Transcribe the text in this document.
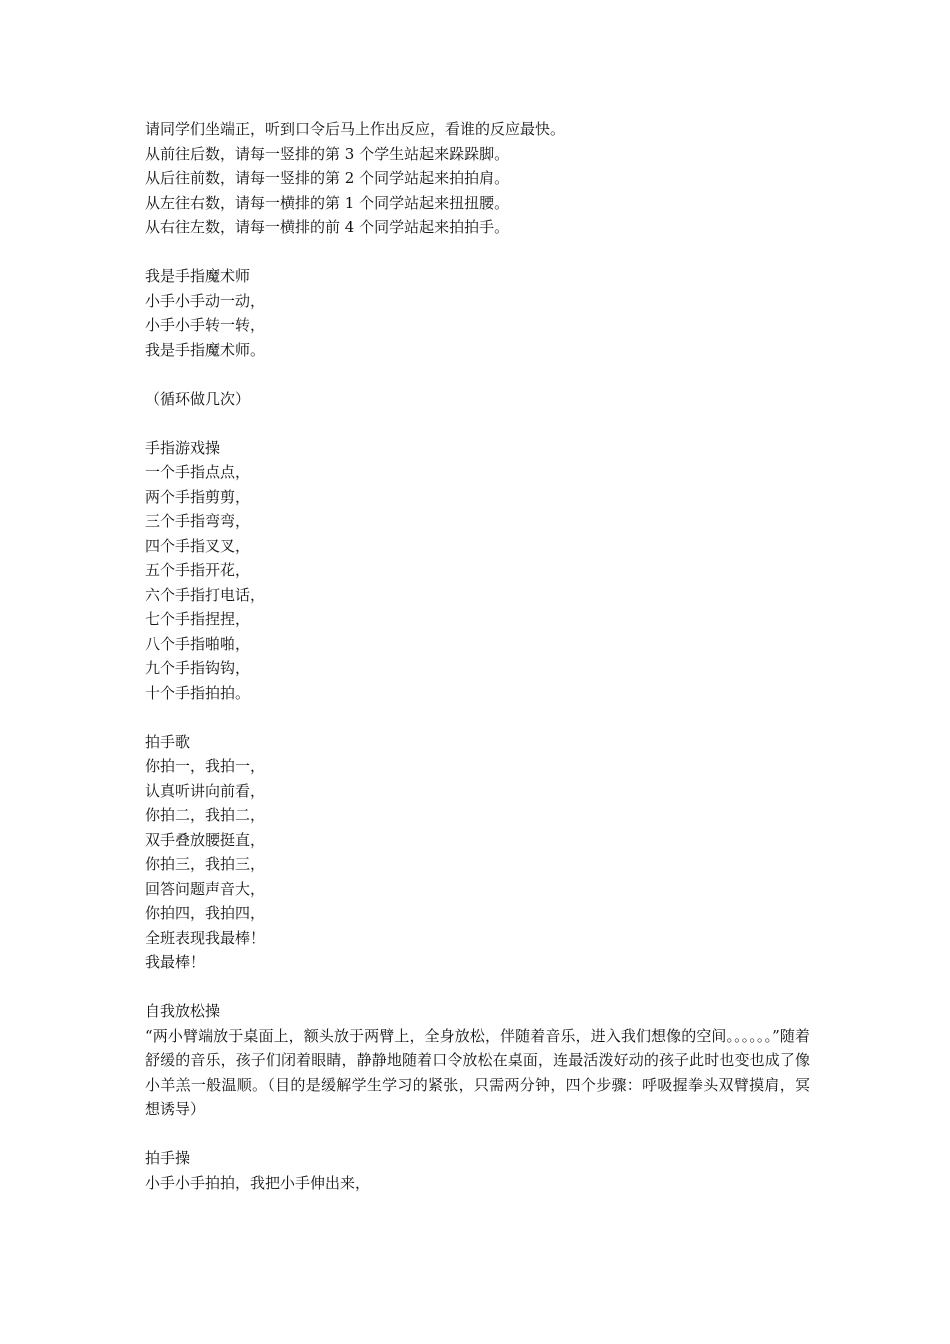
请同学们坐端正，听到口令后马上作出反应，看谁的反应最快。
从前往后数，请每一竖排的第 3 个学生站起来跺跺脚。
从后往前数，请每一竖排的第 2 个同学站起来拍拍肩。
从左往右数，请每一横排的第 1 个同学站起来扭扭腰。
从右往左数，请每一横排的前 4 个同学站起来拍拍手。
我是手指魔术师
小手小手动一动，
小手小手转一转，
我是手指魔术师。
（循环做几次）
手指游戏操
一个手指点点，
两个手指剪剪，
三个手指弯弯，
四个手指叉叉，
五个手指开花，
六个手指打电话，
七个手指捏捏，
八个手指啪啪，
九个手指钩钩，
十个手指拍拍。
拍手歌
你拍一，我拍一，
认真听讲向前看，
你拍二，我拍二，
双手叠放腰挺直，
你拍三，我拍三，
回答问题声音大，
你拍四，我拍四，
全班表现我最棒！
我最棒！
自我放松操
“两小臂端放于桌面上，额头放于两臂上，全身放松，伴随着音乐，进入我们想像的空间。。。。。。”随着舒缓的音乐，孩子们闭着眼睛，静静地随着口令放松在桌面，连最活泼好动的孩子此时也变也成了像小羊羔一般温顺。（目的是缓解学生学习的紧张，只需两分钟，四个步骤：呼吸握拳头双臂摸肩，冥想诱导）
拍手操
小手小手拍拍，我把小手伸出来，
